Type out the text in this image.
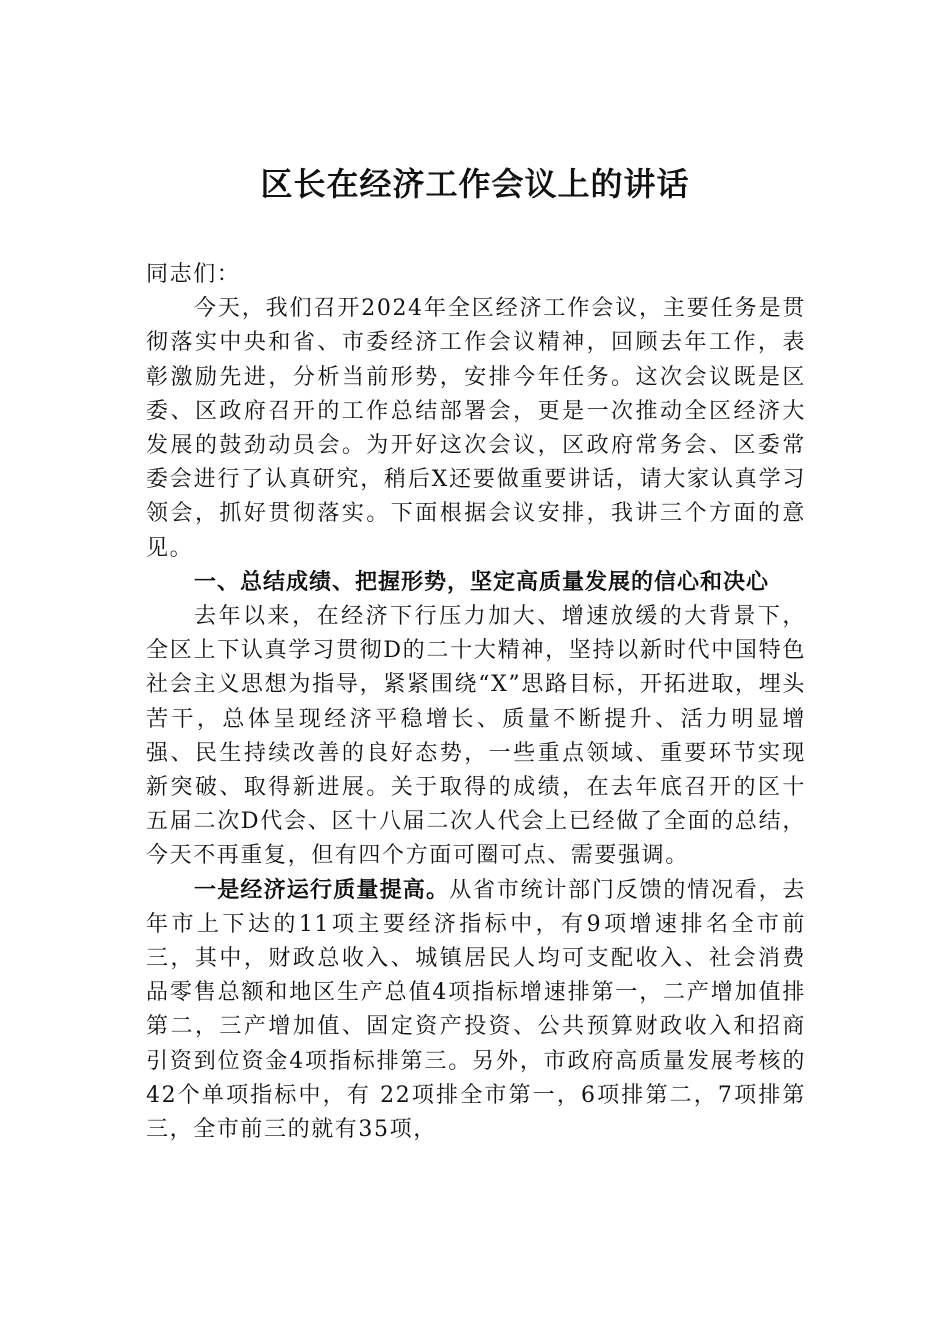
区长在经济工作会议上的讲话

同志们：

今天，我们召开2024年全区经济工作会议，主要任务是贯彻落实中央和省、市委经济工作会议精神，回顾去年工作，表彰激励先进，分析当前形势，安排今年任务。这次会议既是区委、区政府召开的工作总结部署会，更是一次推动全区经济大发展的鼓劲动员会。为开好这次会议，区政府常务会、区委常委会进行了认真研究，稍后X还要做重要讲话，请大家认真学习领会，抓好贯彻落实。下面根据会议安排，我讲三个方面的意见。

一、总结成绩、把握形势，坚定高质量发展的信心和决心

去年以来，在经济下行压力加大、增速放缓的大背景下，全区上下认真学习贯彻D的二十大精神，坚持以新时代中国特色社会主义思想为指导，紧紧围绕“X”思路目标，开拓进取，埋头苦干，总体呈现经济平稳增长、质量不断提升、活力明显增强、民生持续改善的良好态势，一些重点领域、重要环节实现新突破、取得新进展。关于取得的成绩，在去年底召开的区十五届二次D代会、区十八届二次人代会上已经做了全面的总结，今天不再重复，但有四个方面可圈可点、需要强调。

一是经济运行质量提高。从省市统计部门反馈的情况看，去年市上下达的11项主要经济指标中，有9项增速排名全市前三，其中，财政总收入、城镇居民人均可支配收入、社会消费品零售总额和地区生产总值4项指标增速排第一，二产增加值排第二，三产增加值、固定资产投资、公共预算财政收入和招商引资到位资金4项指标排第三。另外，市政府高质量发展考核的42个单项指标中，有 22项排全市第一，6项排第二，7项排第三，全市前三的就有35项，
